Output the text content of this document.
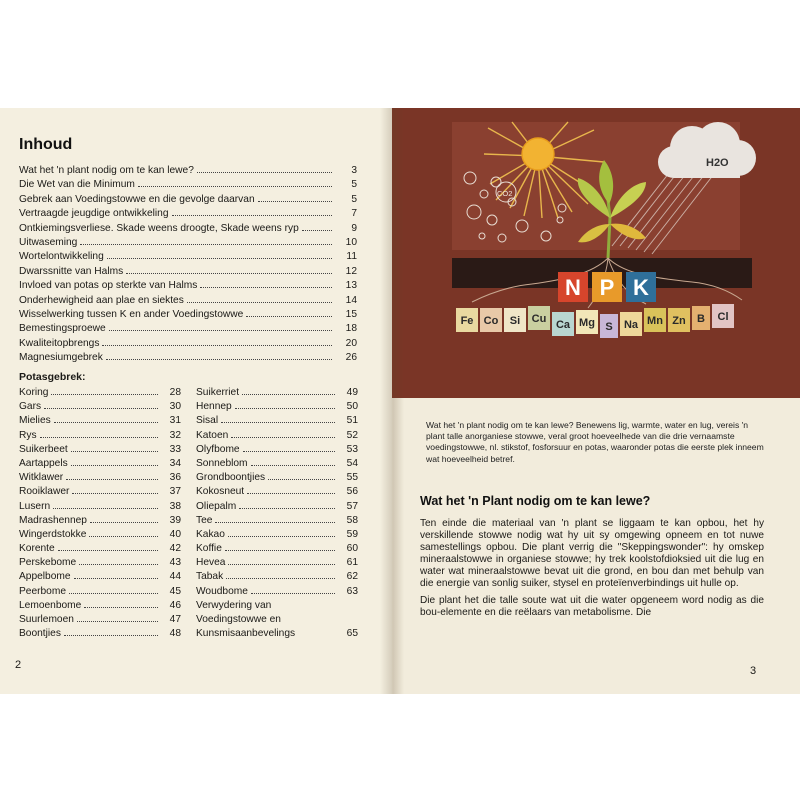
Inhoud
Wat het 'n plant nodig om te kan lewe?	3
Die Wet van die Minimum	5
Gebrek aan Voedingstowwe en die gevolge daarvan	5
Vertraagde jeugdige ontwikkeling	7
Ontkiemingsverliese. Skade weens droogte, Skade weens ryp	9
Uitwaseming	10
Wortelontwikkeling	11
Dwarssnitte van Halms	12
Invloed van potas op sterkte van Halms	13
Onderhewigheid aan plae en siektes	14
Wisselwerking tussen K en ander Voedingstowwe	15
Bemestingsproewe	18
Kwaliteitopbrengs	20
Magnesiumgebrek	26
Potasgebrek:
Koring	28
Gars	30
Mielies	31
Rys	32
Suikerbeet	33
Aartappels	34
Witklawer	36
Rooiklawer	37
Lusern	38
Madrashennep	39
Wingerdstokke	40
Korente	42
Perskebome	43
Appelbome	44
Peerbome	45
Lemoenbome	46
Suurlemoen	47
Boontjies	48
Suikerriet	49
Hennep	50
Sisal	51
Katoen	52
Olyfbome	53
Sonneblom	54
Grondboontjies	55
Kokosneut	56
Oliepalm	57
Tee	58
Kakao	59
Koffie	60
Hevea	61
Tabak	62
Woudbome	63
Verwydering van Voedingstowwe en Kunsmisaanbevelings	65
2
H2O
CO2
N P K
Fe Co Si Cu Ca Mg S Na Mn Zn B Cl
Wat het 'n plant nodig om te kan lewe? Benewens lig, warmte, water en lug, vereis 'n plant talle anorganiese stowwe, veral groot hoeveelhede van die drie vernaamste voedingstowwe, nl. stikstof, fosforsuur en potas, waaronder potas die eerste plek inneem wat hoeveelheid betref.
Wat het 'n Plant nodig om te kan lewe?

Ten einde die materiaal van 'n plant se liggaam te kan opbou, het hy verskillende stowwe nodig wat hy uit sy omgewing opneem en tot nuwe samestellings opbou. Die plant verrig die "Skeppingswonder": hy omskep mineraalstowwe in organiese stowwe; hy trek koolstofdioksied uit die lug en water wat mineraalstowwe bevat uit die grond, en bou dan met behulp van die energie van sonlig suiker, stysel en proteïenverbindings uit hulle op.

Die plant het die talle soute wat uit die water opgeneem word nodig as die bou-elemente en die reëlaars van metabolisme. Die

3
